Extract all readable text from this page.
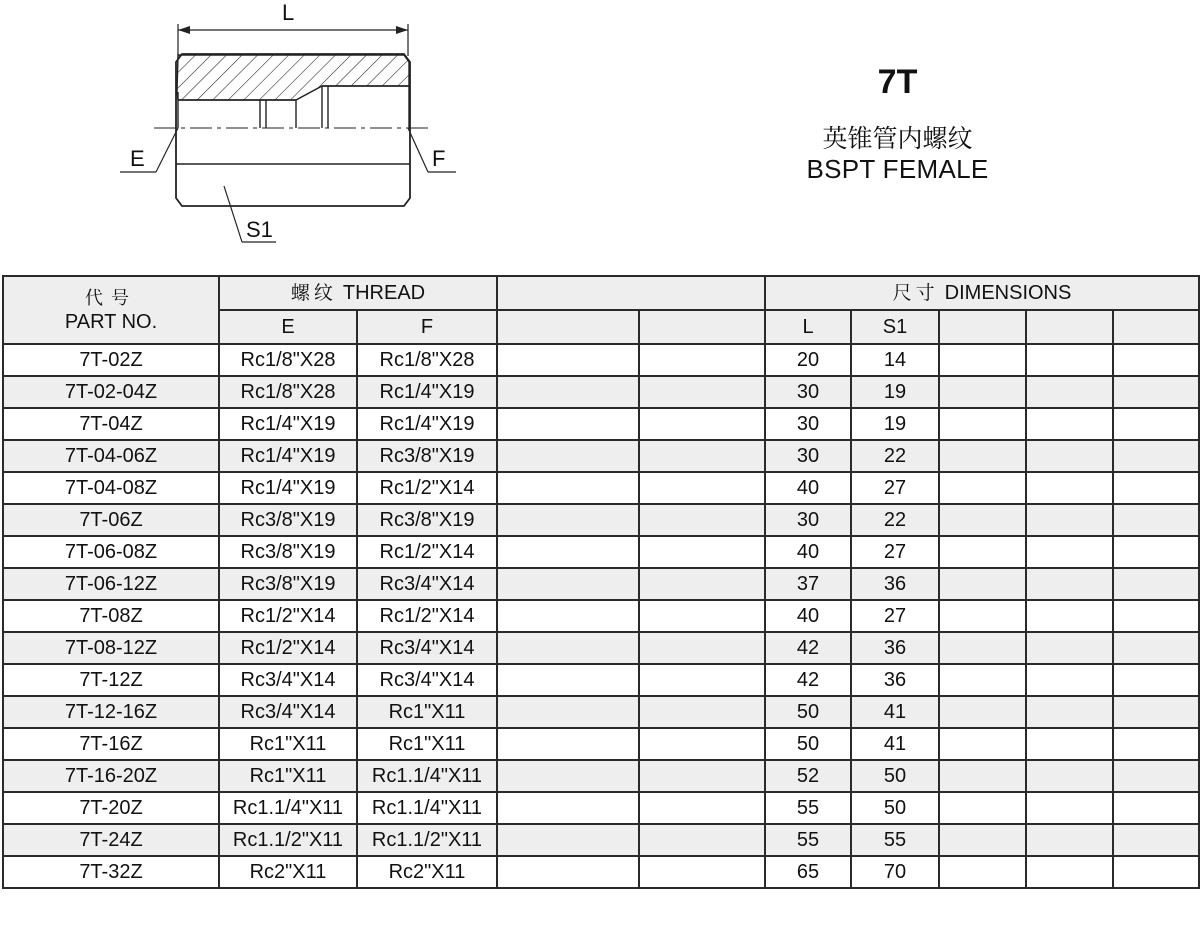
L
E	F
S1
7T
英锥管内螺纹
BSPT FEMALE
代号
PART NO.	螺纹 THREAD				尺寸 DIMENSIONS				
	E	F			L	S1			
7T-02Z	Rc1/8"X28	Rc1/8"X28			20	14			
7T-02-04Z	Rc1/8"X28	Rc1/4"X19			30	19			
7T-04Z	Rc1/4"X19	Rc1/4"X19			30	19			
7T-04-06Z	Rc1/4"X19	Rc3/8"X19			30	22			
7T-04-08Z	Rc1/4"X19	Rc1/2"X14			40	27			
7T-06Z	Rc3/8"X19	Rc3/8"X19			30	22			
7T-06-08Z	Rc3/8"X19	Rc1/2"X14			40	27			
7T-06-12Z	Rc3/8"X19	Rc3/4"X14			37	36			
7T-08Z	Rc1/2"X14	Rc1/2"X14			40	27			
7T-08-12Z	Rc1/2"X14	Rc3/4"X14			42	36			
7T-12Z	Rc3/4"X14	Rc3/4"X14			42	36			
7T-12-16Z	Rc3/4"X14	Rc1"X11			50	41			
7T-16Z	Rc1"X11	Rc1"X11			50	41			
7T-16-20Z	Rc1"X11	Rc1.1/4"X11			52	50			
7T-20Z	Rc1.1/4"X11	Rc1.1/4"X11			55	50			
7T-24Z	Rc1.1/2"X11	Rc1.1/2"X11			55	55			
7T-32Z	Rc2"X11	Rc2"X11			65	70			
